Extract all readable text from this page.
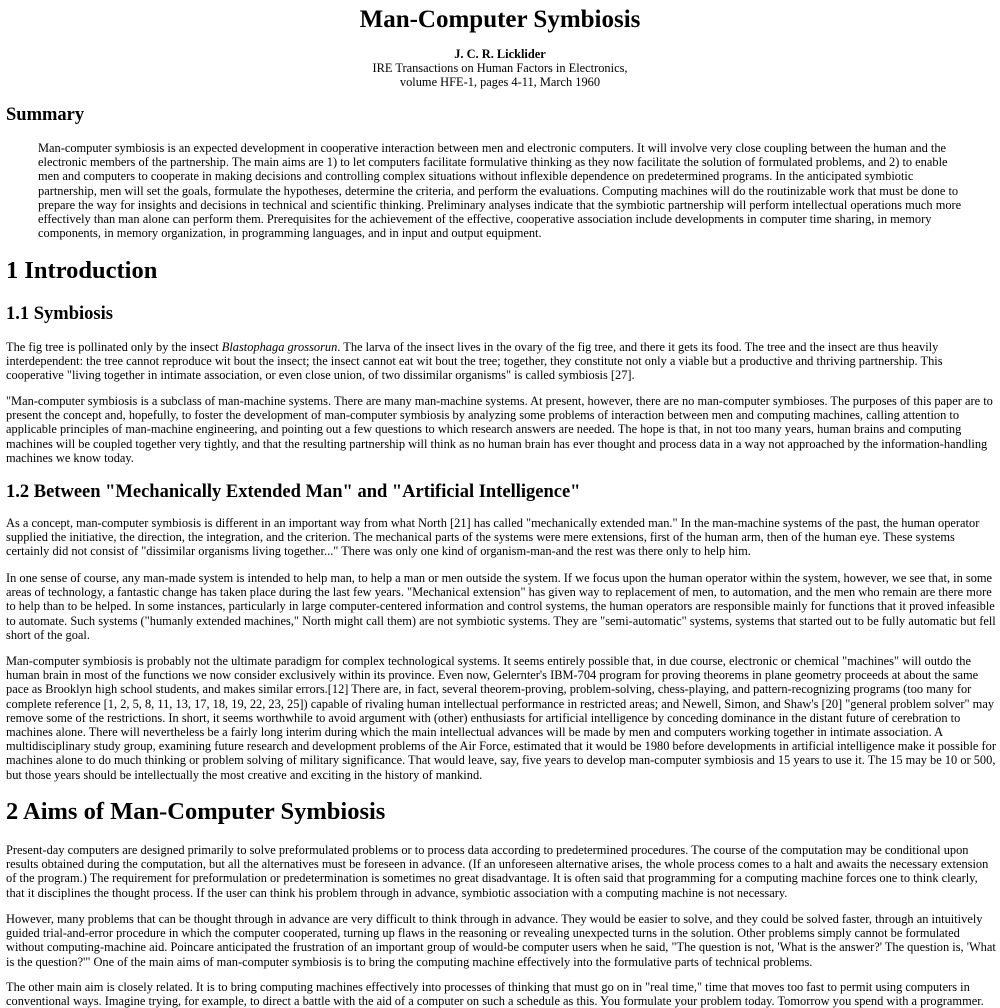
Man-Computer Symbiosis
J. C. R. Licklider
IRE Transactions on Human Factors in Electronics,
volume HFE-1, pages 4-11, March 1960
Summary

Man-computer symbiosis is an expected development in cooperative interaction between men and electronic computers. It will involve very close coupling between the human and the electronic members of the partnership. The main aims are 1) to let computers facilitate formulative thinking as they now facilitate the solution of formulated problems, and 2) to enable men and computers to cooperate in making decisions and controlling complex situations without inflexible dependence on predetermined programs. In the anticipated symbiotic partnership, men will set the goals, formulate the hypotheses, determine the criteria, and perform the evaluations. Computing machines will do the routinizable work that must be done to prepare the way for insights and decisions in technical and scientific thinking. Preliminary analyses indicate that the symbiotic partnership will perform intellectual operations much more effectively than man alone can perform them. Prerequisites for the achievement of the effective, cooperative association include developments in computer time sharing, in memory components, in memory organization, in programming languages, and in input and output equipment.

1 Introduction
1.1 Symbiosis

The fig tree is pollinated only by the insect Blastophaga grossorun. The larva of the insect lives in the ovary of the fig tree, and there it gets its food. The tree and the insect are thus heavily interdependent: the tree cannot reproduce wit bout the insect; the insect cannot eat wit bout the tree; together, they constitute not only a viable but a productive and thriving partnership. This cooperative "living together in intimate association, or even close union, of two dissimilar organisms" is called symbiosis [27].

"Man-computer symbiosis is a subclass of man-machine systems. There are many man-machine systems. At present, however, there are no man-computer symbioses. The purposes of this paper are to present the concept and, hopefully, to foster the development of man-computer symbiosis by analyzing some problems of interaction between men and computing machines, calling attention to applicable principles of man-machine engineering, and pointing out a few questions to which research answers are needed. The hope is that, in not too many years, human brains and computing machines will be coupled together very tightly, and that the resulting partnership will think as no human brain has ever thought and process data in a way not approached by the information-handling machines we know today.

1.2 Between "Mechanically Extended Man" and "Artificial Intelligence"

As a concept, man-computer symbiosis is different in an important way from what North [21] has called "mechanically extended man." In the man-machine systems of the past, the human operator supplied the initiative, the direction, the integration, and the criterion. The mechanical parts of the systems were mere extensions, first of the human arm, then of the human eye. These systems certainly did not consist of "dissimilar organisms living together..." There was only one kind of organism-man-and the rest was there only to help him.

In one sense of course, any man-made system is intended to help man, to help a man or men outside the system. If we focus upon the human operator within the system, however, we see that, in some areas of technology, a fantastic change has taken place during the last few years. "Mechanical extension" has given way to replacement of men, to automation, and the men who remain are there more to help than to be helped. In some instances, particularly in large computer-centered information and control systems, the human operators are responsible mainly for functions that it proved infeasible to automate. Such systems ("humanly extended machines," North might call them) are not symbiotic systems. They are "semi-automatic" systems, systems that started out to be fully automatic but fell short of the goal.

Man-computer symbiosis is probably not the ultimate paradigm for complex technological systems. It seems entirely possible that, in due course, electronic or chemical "machines" will outdo the human brain in most of the functions we now consider exclusively within its province. Even now, Gelernter's IBM-704 program for proving theorems in plane geometry proceeds at about the same pace as Brooklyn high school students, and makes similar errors.[12] There are, in fact, several theorem-proving, problem-solving, chess-playing, and pattern-recognizing programs (too many for complete reference [1, 2, 5, 8, 11, 13, 17, 18, 19, 22, 23, 25]) capable of rivaling human intellectual performance in restricted areas; and Newell, Simon, and Shaw's [20] "general problem solver" may remove some of the restrictions. In short, it seems worthwhile to avoid argument with (other) enthusiasts for artificial intelligence by conceding dominance in the distant future of cerebration to machines alone. There will nevertheless be a fairly long interim during which the main intellectual advances will be made by men and computers working together in intimate association. A multidisciplinary study group, examining future research and development problems of the Air Force, estimated that it would be 1980 before developments in artificial intelligence make it possible for machines alone to do much thinking or problem solving of military significance. That would leave, say, five years to develop man-computer symbiosis and 15 years to use it. The 15 may be 10 or 500, but those years should be intellectually the most creative and exciting in the history of mankind.

2 Aims of Man-Computer Symbiosis

Present-day computers are designed primarily to solve preformulated problems or to process data according to predetermined procedures. The course of the computation may be conditional upon results obtained during the computation, but all the alternatives must be foreseen in advance. (If an unforeseen alternative arises, the whole process comes to a halt and awaits the necessary extension of the program.) The requirement for preformulation or predetermination is sometimes no great disadvantage. It is often said that programming for a computing machine forces one to think clearly, that it disciplines the thought process. If the user can think his problem through in advance, symbiotic association with a computing machine is not necessary.

However, many problems that can be thought through in advance are very difficult to think through in advance. They would be easier to solve, and they could be solved faster, through an intuitively guided trial-and-error procedure in which the computer cooperated, turning up flaws in the reasoning or revealing unexpected turns in the solution. Other problems simply cannot be formulated without computing-machine aid. Poincare anticipated the frustration of an important group of would-be computer users when he said, "The question is not, 'What is the answer?' The question is, 'What is the question?'" One of the main aims of man-computer symbiosis is to bring the computing machine effectively into the formulative parts of technical problems.

The other main aim is closely related. It is to bring computing machines effectively into processes of thinking that must go on in "real time," time that moves too fast to permit using computers in conventional ways. Imagine trying, for example, to direct a battle with the aid of a computer on such a schedule as this. You formulate your problem today. Tomorrow you spend with a programmer.
